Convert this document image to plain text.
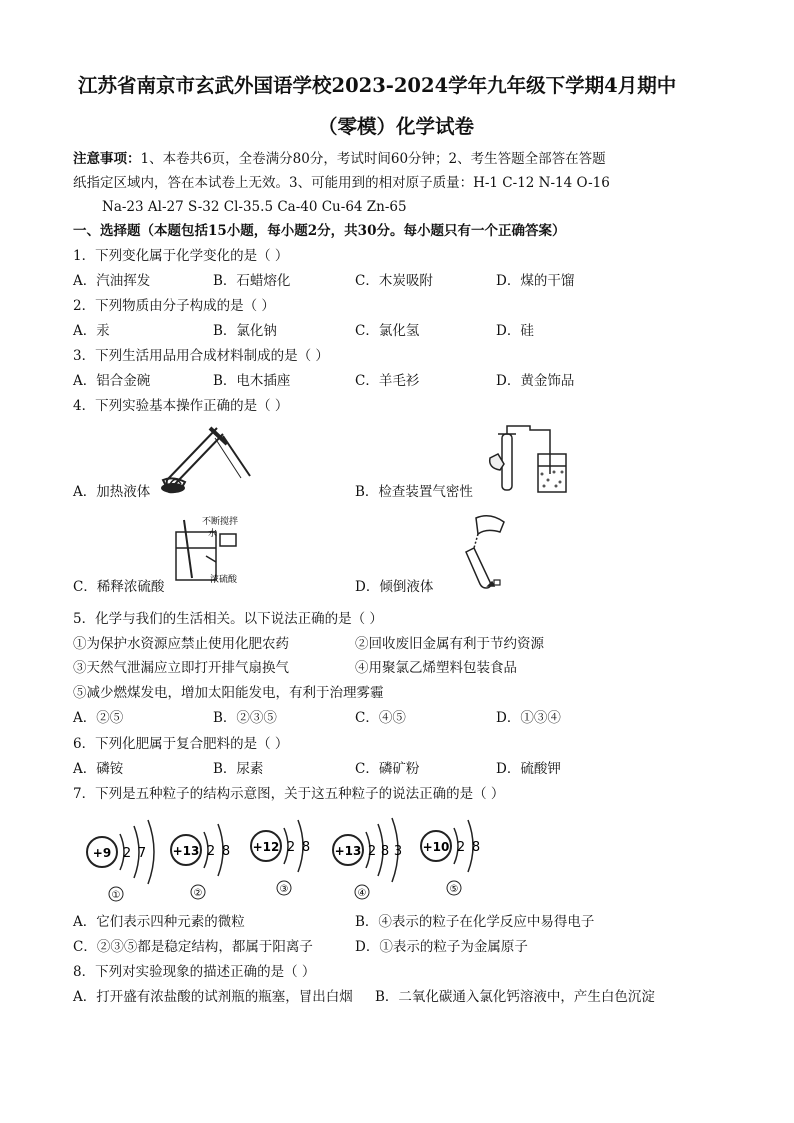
江苏省南京市玄武外国语学校2023-2024学年九年级下学期4月期中
（零模）化学试卷
注意事项：1、本卷共6页，全卷满分80分，考试时间60分钟；2、考生答题全部答在答题
纸指定区域内，答在本试卷上无效。3、可能用到的相对原子质量：H-1 C-12 N-14 O-16
Na-23 Al-27 S-32 Cl-35.5 Ca-40 Cu-64 Zn-65
一、选择题（本题包括15小题，每小题2分，共30分。每小题只有一个正确答案）
1．下列变化属于化学变化的是（ ）
A．汽油挥发	B．石蜡熔化	C．木炭吸附	D．煤的干馏
2．下列物质由分子构成的是（ ）
A．汞	B．氯化钠	C．氯化氢	D．硅
3．下列生活用品用合成材料制成的是（ ）
A．铝合金碗	B．电木插座	C．羊毛衫	D．黄金饰品
4．下列实验基本操作正确的是（ ）
A．加热液体	B．检查装置气密性
不断搅拌
水
浓硫酸
C．稀释浓硫酸	D．倾倒液体
5．化学与我们的生活相关。以下说法正确的是（ ）
①为保护水资源应禁止使用化肥农药	②回收废旧金属有利于节约资源
③天然气泄漏应立即打开排气扇换气	④用聚氯乙烯塑料包装食品
⑤减少燃煤发电，增加太阳能发电，有利于治理雾霾
A．②⑤	B．②③⑤	C．④⑤	D．①③④
6．下列化肥属于复合肥料的是（ ）
A．磷铵	B．尿素	C．磷矿粉	D．硫酸钾
7．下列是五种粒子的结构示意图，关于这五种粒子的说法正确的是（ ）
+9 2 7
①
+13 2 8
②
+12 2 8
③
+13 2 8 3
④
+10 2 8
⑤
A．它们表示四种元素的微粒	B．④表示的粒子在化学反应中易得电子
C．②③⑤都是稳定结构，都属于阳离子	D．①表示的粒子为金属原子
8．下列对实验现象的描述正确的是（ ）
A．打开盛有浓盐酸的试剂瓶的瓶塞，冒出白烟 B．二氧化碳通入氯化钙溶液中，产生白色沉淀
